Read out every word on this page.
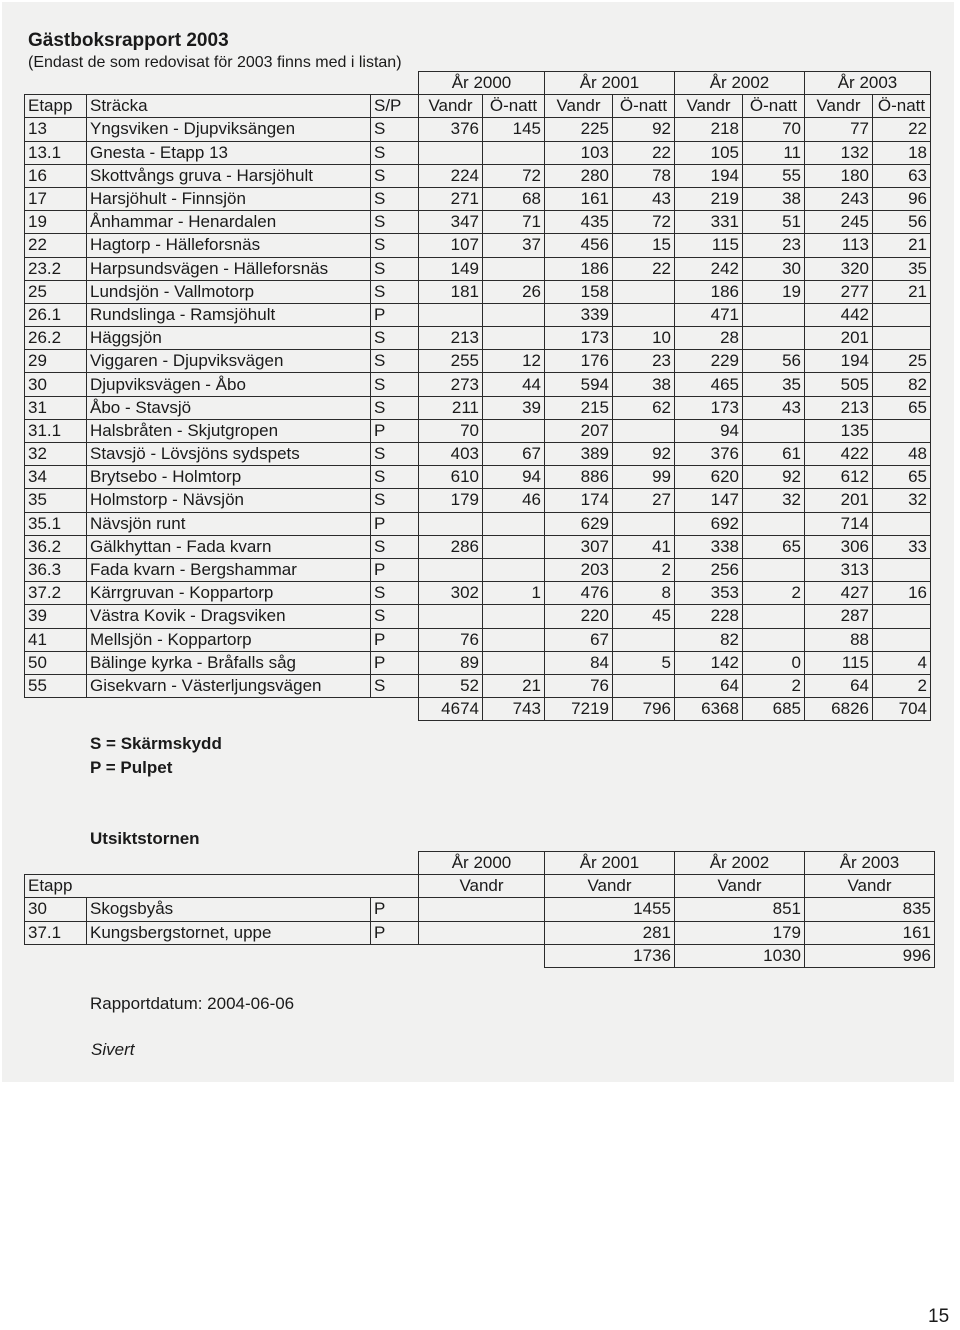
Gästboksrapport 2003
(Endast de som redovisat för 2003 finns med i listan)
			År 2000		År 2001		År 2002		År 2003	
Etapp	Sträcka	S/P	Vandr	Ö-natt	Vandr	Ö-natt	Vandr	Ö-natt	Vandr	Ö-natt
13	Yngsviken - Djupviksängen	S	376	145	225	92	218	70	77	22
13.1	Gnesta - Etapp 13	S			103	22	105	11	132	18
16	Skottvångs gruva - Harsjöhult	S	224	72	280	78	194	55	180	63
17	Harsjöhult - Finnsjön	S	271	68	161	43	219	38	243	96
19	Ånhammar - Henardalen	S	347	71	435	72	331	51	245	56
22	Hagtorp - Hälleforsnäs	S	107	37	456	15	115	23	113	21
23.2	Harpsundsvägen - Hälleforsnäs	S	149		186	22	242	30	320	35
25	Lundsjön - Vallmotorp	S	181	26	158		186	19	277	21
26.1	Rundslinga - Ramsjöhult	P			339		471		442	
26.2	Häggsjön	S	213		173	10	28		201	
29	Viggaren - Djupviksvägen	S	255	12	176	23	229	56	194	25
30	Djupviksvägen - Åbo	S	273	44	594	38	465	35	505	82
31	Åbo - Stavsjö	S	211	39	215	62	173	43	213	65
31.1	Halsbråten - Skjutgropen	P	70		207		94		135	
32	Stavsjö - Lövsjöns sydspets	S	403	67	389	92	376	61	422	48
34	Brytsebo - Holmtorp	S	610	94	886	99	620	92	612	65
35	Holmstorp - Nävsjön	S	179	46	174	27	147	32	201	32
35.1	Nävsjön runt	P			629		692		714	
36.2	Gälkhyttan - Fada kvarn	S	286		307	41	338	65	306	33
36.3	Fada kvarn - Bergshammar	P			203	2	256		313	
37.2	Kärrgruvan - Koppartorp	S	302	1	476	8	353	2	427	16
39	Västra Kovik - Dragsviken	S			220	45	228		287	
41	Mellsjön - Koppartorp	P	76		67		82		88	
50	Bälinge kyrka - Bråfalls såg	P	89		84	5	142	0	115	4
55	Gisekvarn - Västerljungsvägen	S	52	21	76		64	2	64	2
			4674	743	7219	796	6368	685	6826	704
S = Skärmskydd
P = Pulpet
Utsiktstornen
			År 2000	År 2001	År 2002	År 2003
Etapp			Vandr	Vandr	Vandr	Vandr
30	Skogsbyås	P		1455	851	835
37.1	Kungsbergstornet, uppe	P		281	179	161
				1736	1030	996
Rapportdatum: 2004-06-06
Sivert
15
